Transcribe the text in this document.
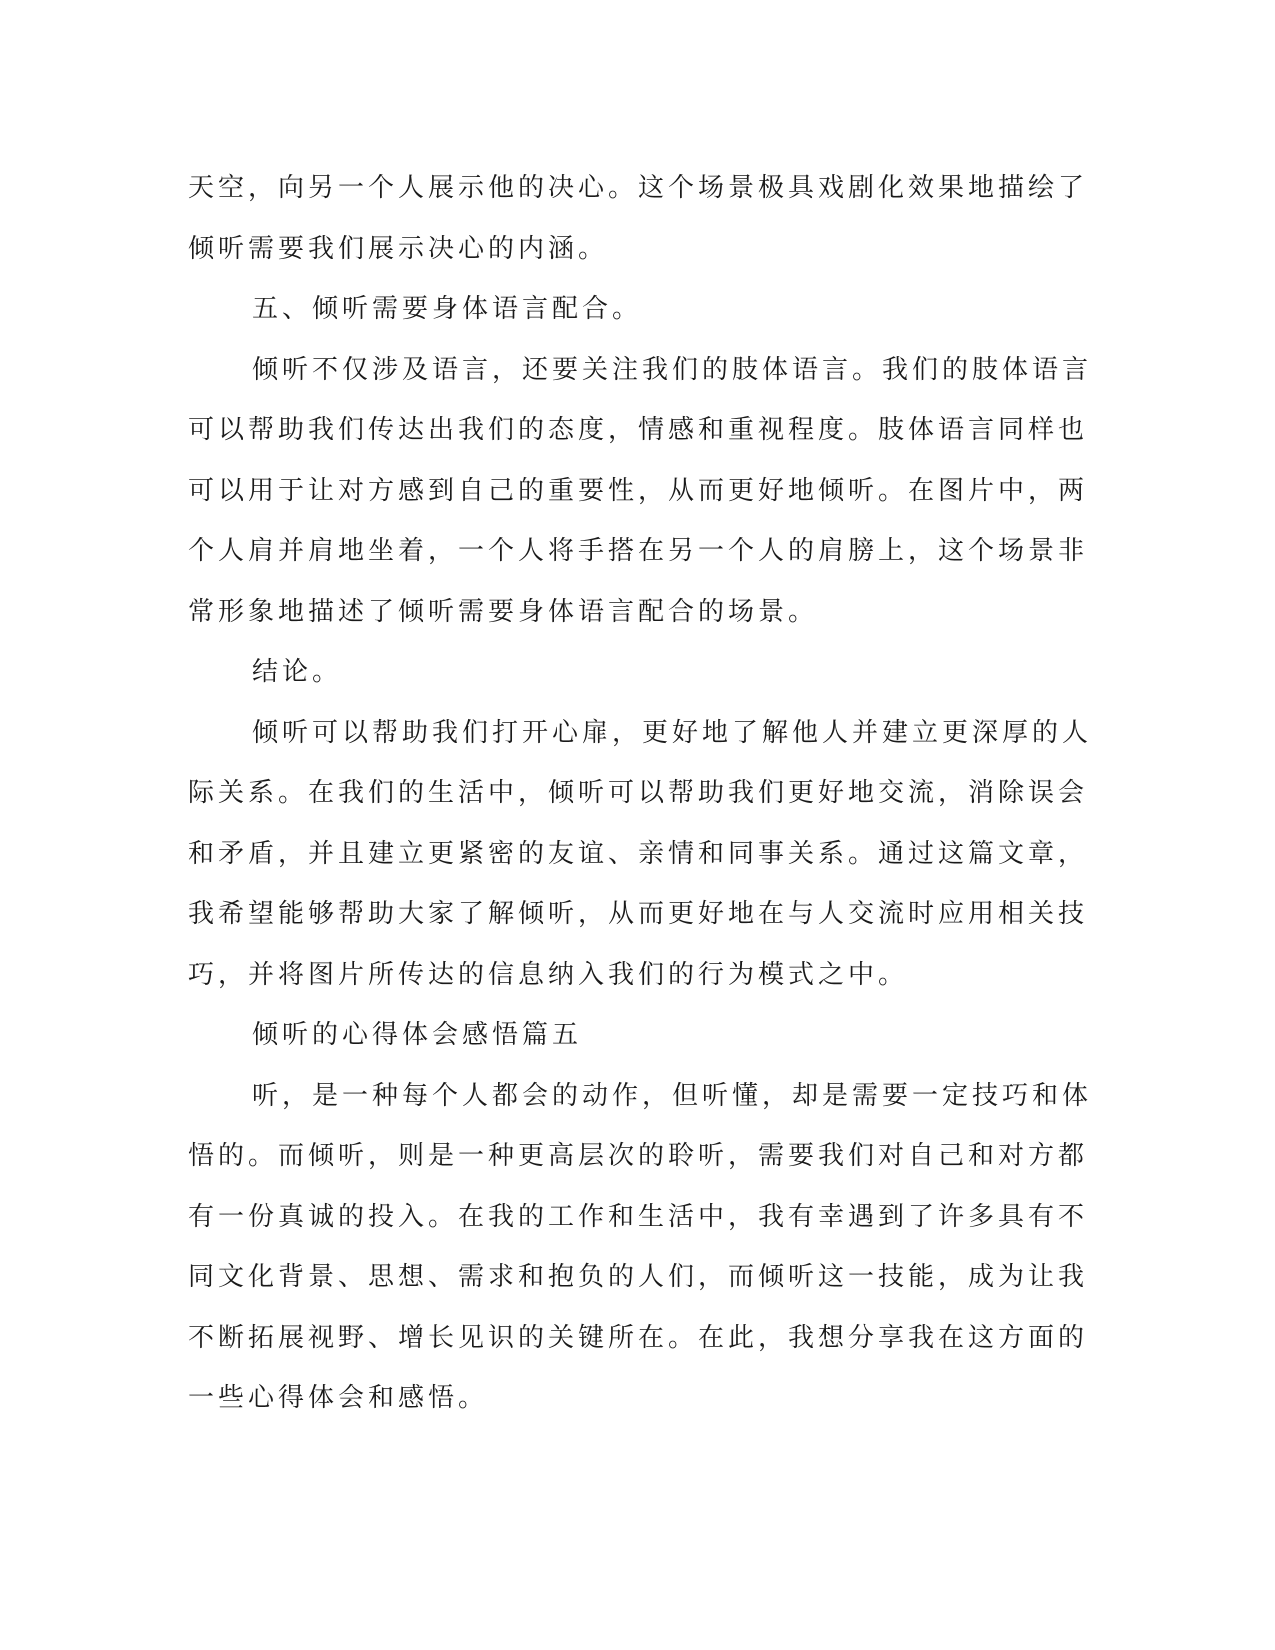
天空，向另一个人展示他的决心。这个场景极具戏剧化效果地描绘了
倾听需要我们展示决心的内涵。
五、倾听需要身体语言配合。
倾听不仅涉及语言，还要关注我们的肢体语言。我们的肢体语言
可以帮助我们传达出我们的态度，情感和重视程度。肢体语言同样也
可以用于让对方感到自己的重要性，从而更好地倾听。在图片中，两
个人肩并肩地坐着，一个人将手搭在另一个人的肩膀上，这个场景非
常形象地描述了倾听需要身体语言配合的场景。
结论。
倾听可以帮助我们打开心扉，更好地了解他人并建立更深厚的人
际关系。在我们的生活中，倾听可以帮助我们更好地交流，消除误会
和矛盾，并且建立更紧密的友谊、亲情和同事关系。通过这篇文章，
我希望能够帮助大家了解倾听，从而更好地在与人交流时应用相关技
巧，并将图片所传达的信息纳入我们的行为模式之中。
倾听的心得体会感悟篇五
听，是一种每个人都会的动作，但听懂，却是需要一定技巧和体
悟的。而倾听，则是一种更高层次的聆听，需要我们对自己和对方都
有一份真诚的投入。在我的工作和生活中，我有幸遇到了许多具有不
同文化背景、思想、需求和抱负的人们，而倾听这一技能，成为让我
不断拓展视野、增长见识的关键所在。在此，我想分享我在这方面的
一些心得体会和感悟。
